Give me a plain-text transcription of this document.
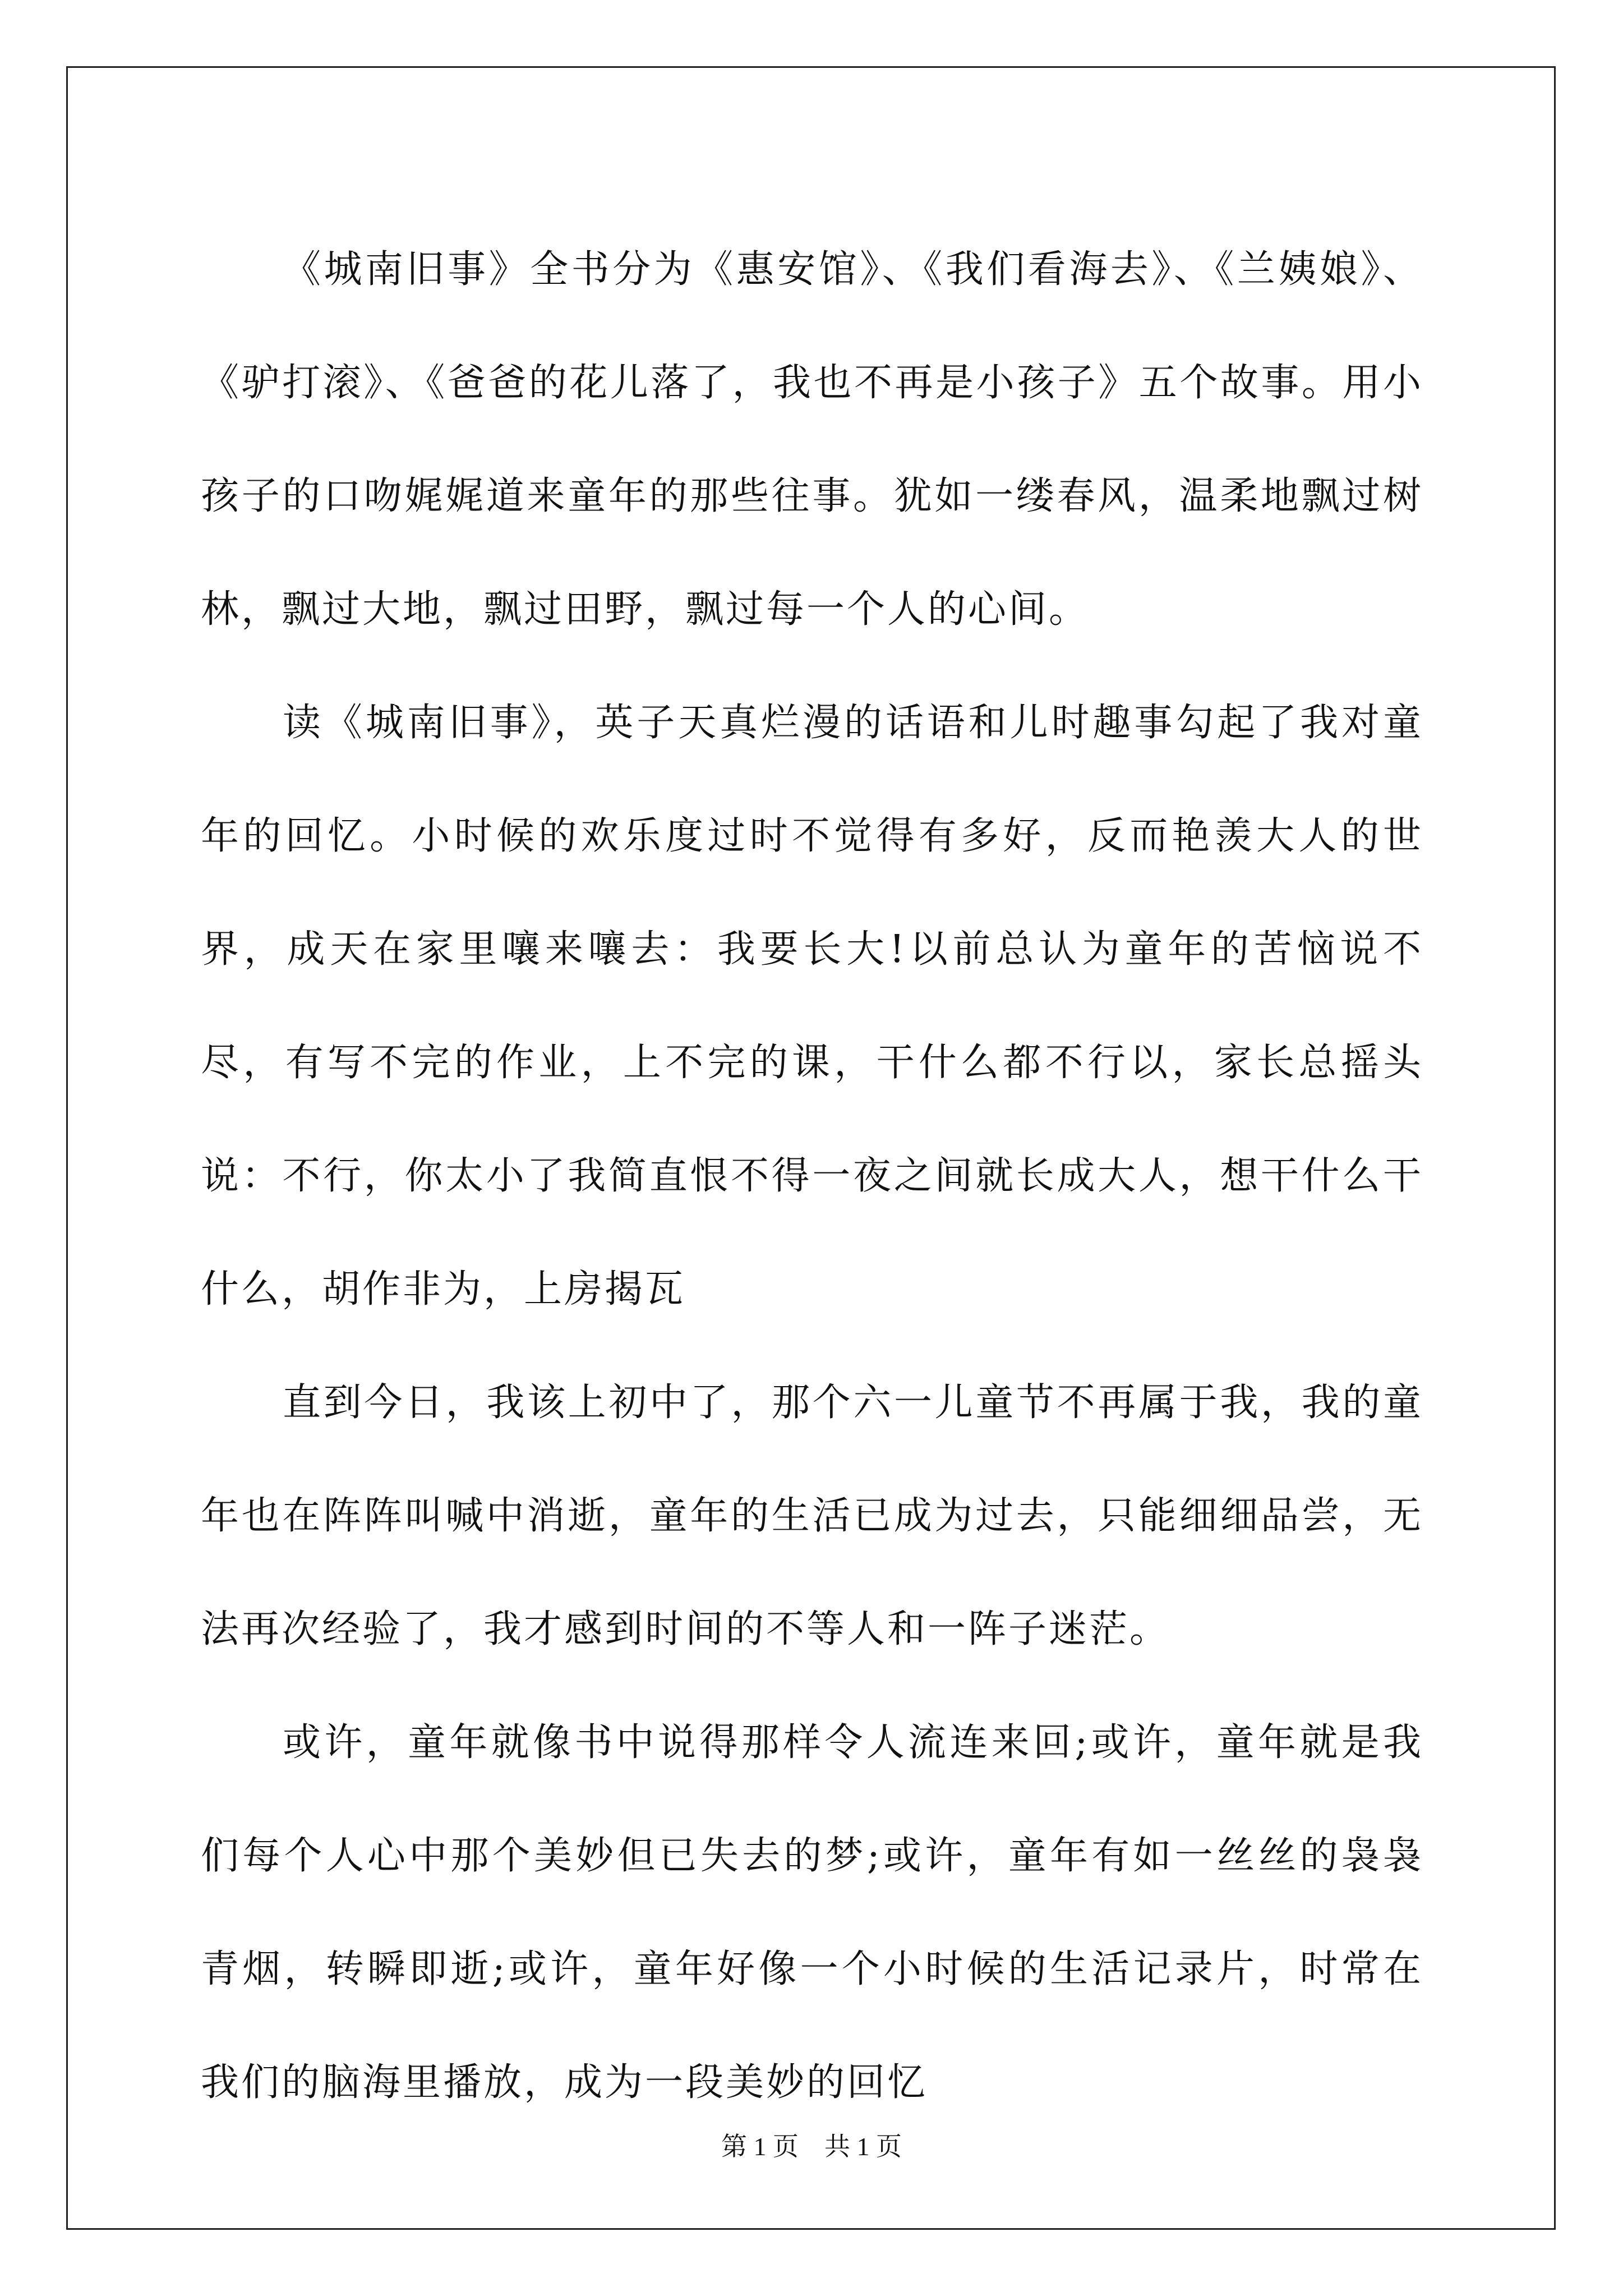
《城南旧事》全书分为《惠安馆》、《我们看海去》、《兰姨娘》、《驴打滚》、《爸爸的花儿落了，我也不再是小孩子》五个故事。用小孩子的口吻娓娓道来童年的那些往事。犹如一缕春风，温柔地飘过树林，飘过大地，飘过田野，飘过每一个人的心间。

读《城南旧事》，英子天真烂漫的话语和儿时趣事勾起了我对童年的回忆。小时候的欢乐度过时不觉得有多好，反而艳羡大人的世界，成天在家里嚷来嚷去：我要长大!以前总认为童年的苦恼说不尽，有写不完的作业，上不完的课，干什么都不行以，家长总摇头说：不行，你太小了我简直恨不得一夜之间就长成大人，想干什么干什么，胡作非为，上房揭瓦

直到今日，我该上初中了，那个六一儿童节不再属于我，我的童年也在阵阵叫喊中消逝，童年的生活已成为过去，只能细细品尝，无法再次经验了，我才感到时间的不等人和一阵子迷茫。

或许，童年就像书中说得那样令人流连来回;或许，童年就是我们每个人心中那个美妙但已失去的梦;或许，童年有如一丝丝的袅袅青烟，转瞬即逝;或许，童年好像一个小时候的生活记录片，时常在我们的脑海里播放，成为一段美妙的回忆

第 1 页　共 1 页
